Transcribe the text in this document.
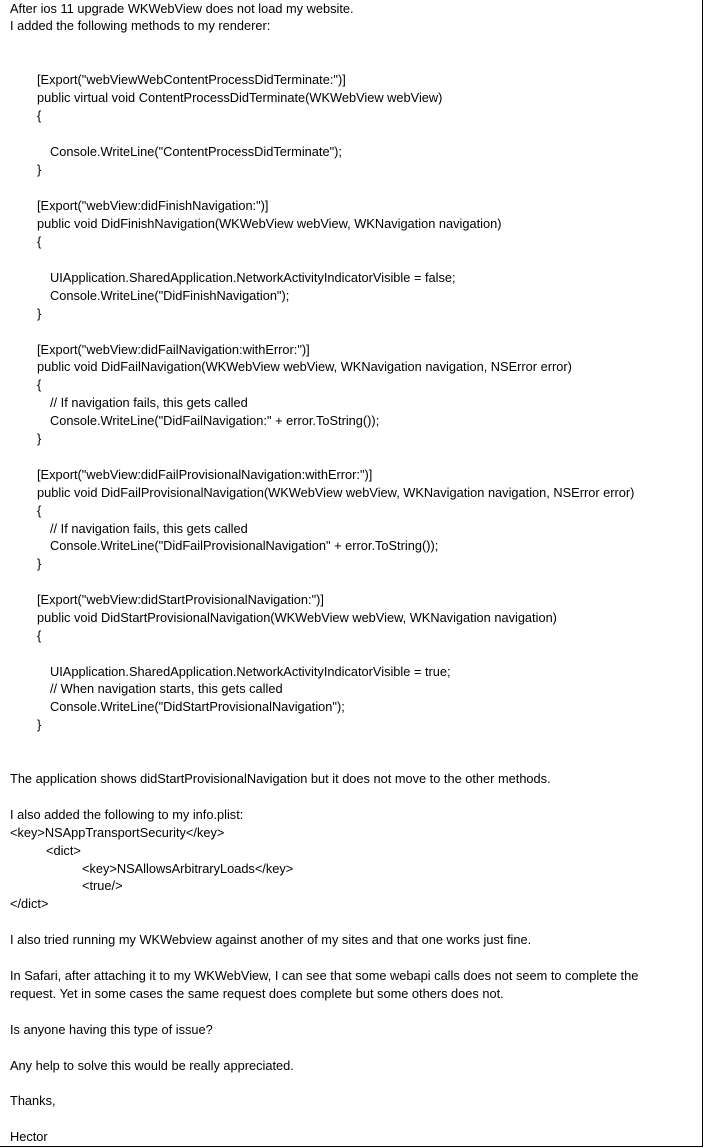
After ios 11 upgrade WKWebView does not load my website.
I added the following methods to my renderer:
[Export("webViewWebContentProcessDidTerminate:")]
public virtual void ContentProcessDidTerminate(WKWebView webView)
{
Console.WriteLine("ContentProcessDidTerminate");
}
[Export("webView:didFinishNavigation:")]
public void DidFinishNavigation(WKWebView webView, WKNavigation navigation)
{
UIApplication.SharedApplication.NetworkActivityIndicatorVisible = false;
Console.WriteLine("DidFinishNavigation");
}
[Export("webView:didFailNavigation:withError:")]
public void DidFailNavigation(WKWebView webView, WKNavigation navigation, NSError error)
{
// If navigation fails, this gets called
Console.WriteLine("DidFailNavigation:" + error.ToString());
}
[Export("webView:didFailProvisionalNavigation:withError:")]
public void DidFailProvisionalNavigation(WKWebView webView, WKNavigation navigation, NSError error)
{
// If navigation fails, this gets called
Console.WriteLine("DidFailProvisionalNavigation" + error.ToString());
}
[Export("webView:didStartProvisionalNavigation:")]
public void DidStartProvisionalNavigation(WKWebView webView, WKNavigation navigation)
{
UIApplication.SharedApplication.NetworkActivityIndicatorVisible = true;
// When navigation starts, this gets called
Console.WriteLine("DidStartProvisionalNavigation");
}
The application shows didStartProvisionalNavigation but it does not move to the other methods.
I also added the following to my info.plist:
<key>NSAppTransportSecurity</key>
<dict>
<key>NSAllowsArbitraryLoads</key>
<true/>
</dict>
I also tried running my WKWebview against another of my sites and that one works just fine.
In Safari, after attaching it to my WKWebView, I can see that some webapi calls does not seem to complete the
request. Yet in some cases the same request does complete but some others does not.
Is anyone having this type of issue?
Any help to solve this would be really appreciated.
Thanks,
Hector
